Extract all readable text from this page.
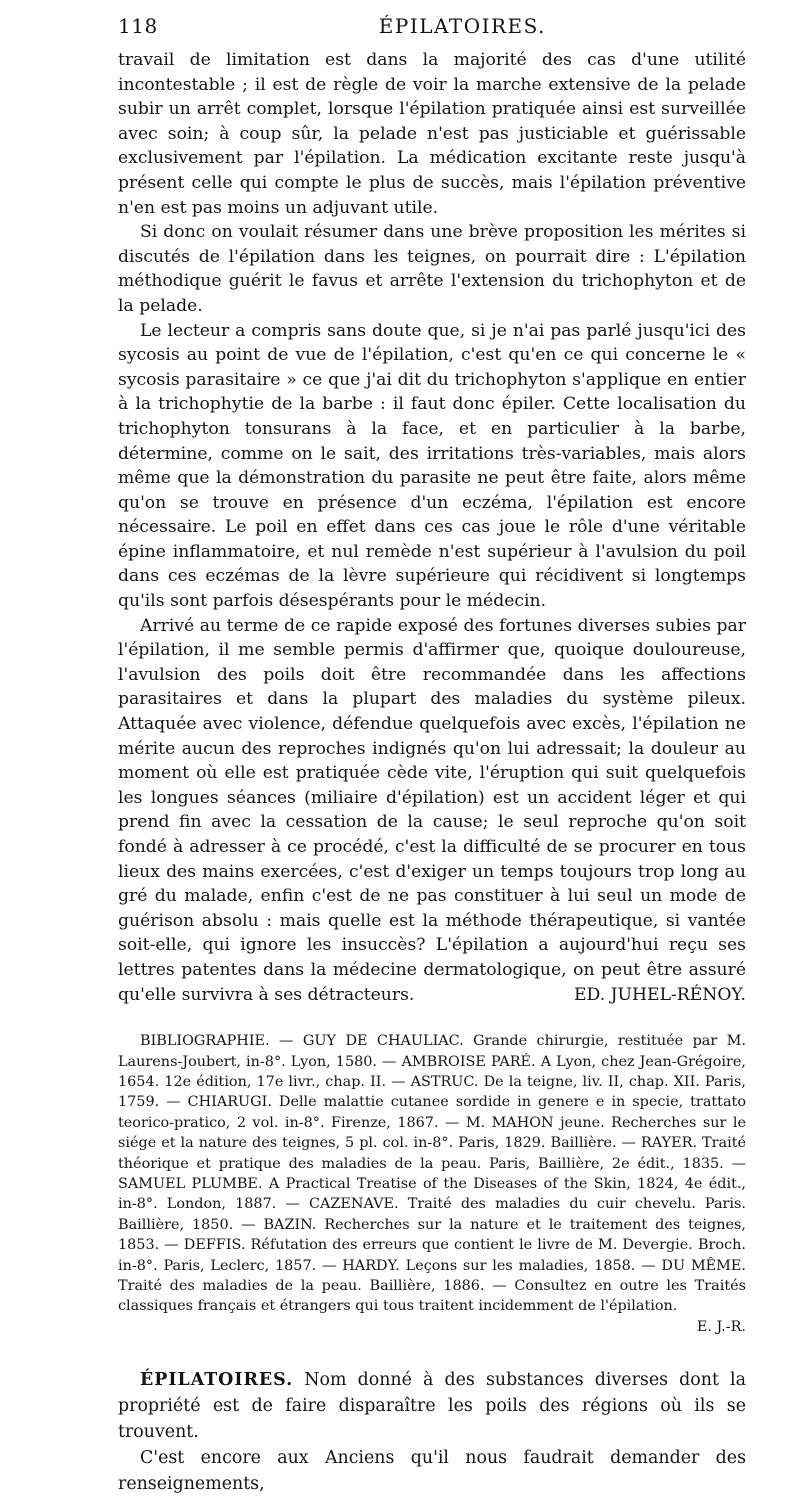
118	ÉPILATOIRES.

travail de limitation est dans la majorité des cas d'une utilité incontestable ; il est de règle de voir la marche extensive de la pelade subir un arrêt complet, lorsque l'épilation pratiquée ainsi est surveillée avec soin; à coup sûr, la pelade n'est pas justiciable et guérissable exclusivement par l'épilation. La médication excitante reste jusqu'à présent celle qui compte le plus de succès, mais l'épilation préventive n'en est pas moins un adjuvant utile.

Si donc on voulait résumer dans une brève proposition les mérites si discutés de l'épilation dans les teignes, on pourrait dire : L'épilation méthodique guérit le favus et arrête l'extension du trichophyton et de la pelade.

Le lecteur a compris sans doute que, si je n'ai pas parlé jusqu'ici des sycosis au point de vue de l'épilation, c'est qu'en ce qui concerne le « sycosis parasitaire » ce que j'ai dit du trichophyton s'applique en entier à la trichophytie de la barbe : il faut donc épiler. Cette localisation du trichophyton tonsurans à la face, et en particulier à la barbe, détermine, comme on le sait, des irritations très-variables, mais alors même que la démonstration du parasite ne peut être faite, alors même qu'on se trouve en présence d'un eczéma, l'épilation est encore nécessaire. Le poil en effet dans ces cas joue le rôle d'une véritable épine inflammatoire, et nul remède n'est supérieur à l'avulsion du poil dans ces eczémas de la lèvre supérieure qui récidivent si longtemps qu'ils sont parfois désespérants pour le médecin.

Arrivé au terme de ce rapide exposé des fortunes diverses subies par l'épilation, il me semble permis d'affirmer que, quoique douloureuse, l'avulsion des poils doit être recommandée dans les affections parasitaires et dans la plupart des maladies du système pileux. Attaquée avec violence, défendue quelquefois avec excès, l'épilation ne mérite aucun des reproches indignés qu'on lui adressait; la douleur au moment où elle est pratiquée cède vite, l'éruption qui suit quelquefois les longues séances (miliaire d'épilation) est un accident léger et qui prend fin avec la cessation de la cause; le seul reproche qu'on soit fondé à adresser à ce procédé, c'est la difficulté de se procurer en tous lieux des mains exercées, c'est d'exiger un temps toujours trop long au gré du malade, enfin c'est de ne pas constituer à lui seul un mode de guérison absolu : mais quelle est la méthode thérapeutique, si vantée soit-elle, qui ignore les insuccès? L'épilation a aujourd'hui reçu ses lettres patentes dans la médecine dermatologique, on peut être assuré qu'elle survivra à ses détracteurs.	ED. JUHEL-RÉNOY.

BIBLIOGRAPHIE. — GUY DE CHAULIAC. Grande chirurgie, restituée par M. Laurens-Joubert, in-8°. Lyon, 1580. — AMBROISE PARÉ. A Lyon, chez Jean-Grégoire, 1654. 12e édition, 17e livr., chap. II. — ASTRUC. De la teigne, liv. II, chap. XII. Paris, 1759. — CHIARUGI. Delle malattie cutanee sordide in genere e in specie, trattato teorico-pratico, 2 vol. in-8°. Firenze, 1867. — M. MAHON jeune. Recherches sur le siége et la nature des teignes, 5 pl. col. in-8°. Paris, 1829. Baillière. — RAYER. Traité théorique et pratique des maladies de la peau. Paris, Baillière, 2e édit., 1835. — SAMUEL PLUMBE. A Practical Treatise of the Diseases of the Skin, 1824, 4e édit., in-8°. London, 1887. — CAZENAVE. Traité des maladies du cuir chevelu. Paris. Baillière, 1850. — BAZIN. Recherches sur la nature et le traitement des teignes, 1853. — DEFFIS. Réfutation des erreurs que contient le livre de M. Devergie. Broch. in-8°. Paris, Leclerc, 1857. — HARDY. Leçons sur les maladies, 1858. — DU MÊME. Traité des maladies de la peau. Baillière, 1886. — Consultez en outre les Traités classiques français et étrangers qui tous traitent incidemment de l'épilation.
E. J.-R.

ÉPILATOIRES. Nom donné à des substances diverses dont la propriété est de faire disparaître les poils des régions où ils se trouvent.

C'est encore aux Anciens qu'il nous faudrait demander des renseignements,
